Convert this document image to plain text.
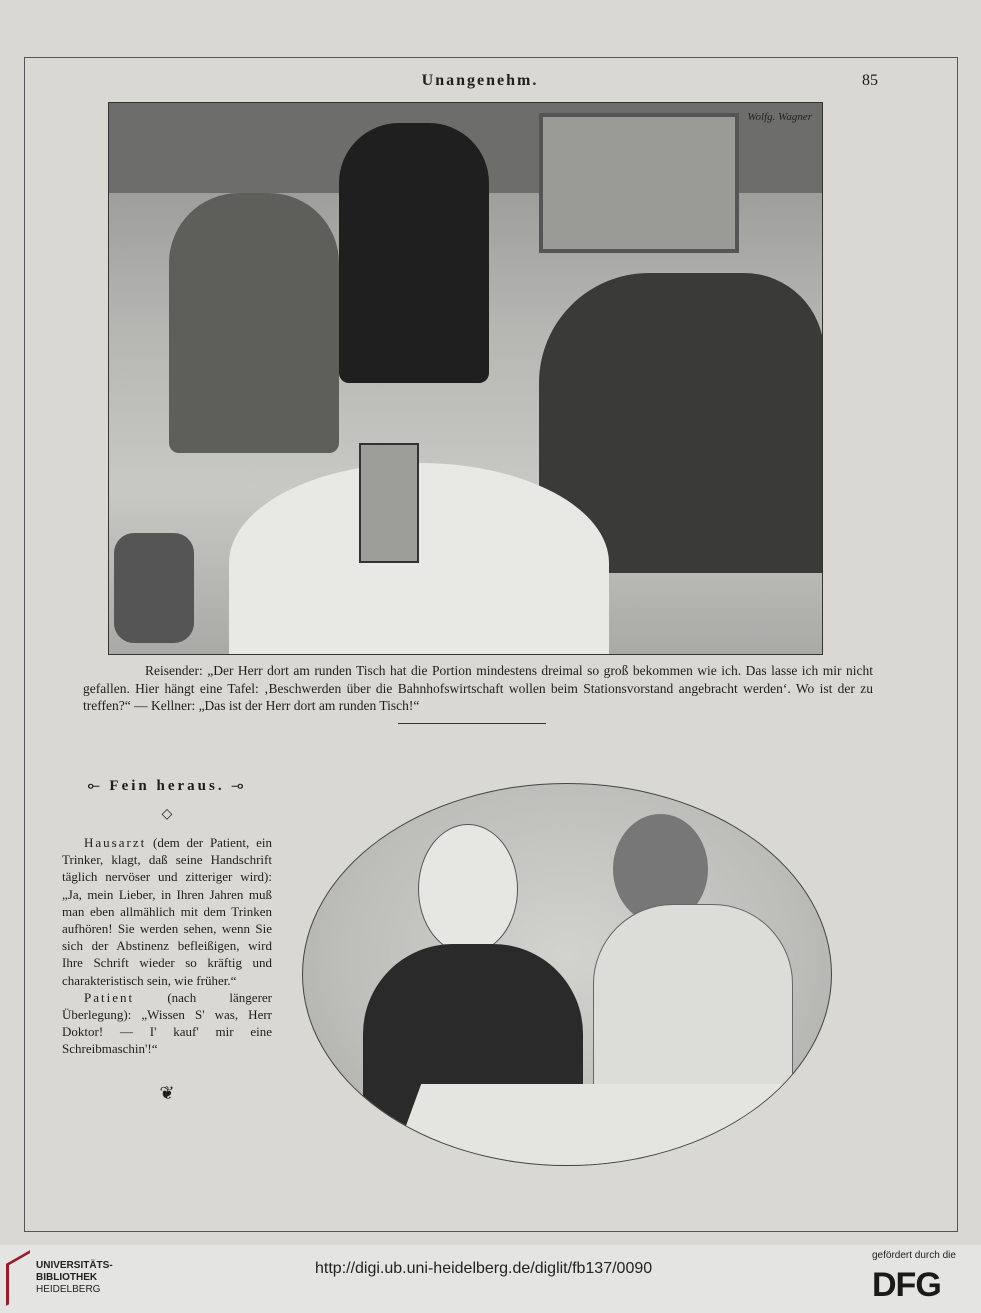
Unangenehm.	85
Wolfg. Wagner
Reisender: „Der Herr dort am runden Tisch hat die Portion mindestens dreimal so groß bekommen wie ich. Das lasse ich mir nicht gefallen. Hier hängt eine Tafel: ‚Beschwerden über die Bahnhofswirtschaft wollen beim Stationsvorstand angebracht werden‘. Wo ist der zu treffen?“ — Kellner: „Das ist der Herr dort am runden Tisch!“
⟜ Fein heraus. ⊸
◇

Hausarzt (dem der Patient, ein Trinker, klagt, daß seine Handschrift täglich nervöser und zitteriger wird): „Ja, mein Lieber, in Ihren Jahren muß man eben allmählich mit dem Trinken aufhören! Sie werden sehen, wenn Sie sich der Abstinenz befleißigen, wird Ihre Schrift wieder so kräftig und charakteristisch sein, wie früher.“

Patient (nach längerer Überlegung): „Wissen S' was, Herr Doktor! — I' kauf' mir eine Schreibmaschin'!“

❦
UNIVERSITÄTS-
BIBLIOTHEK
HEIDELBERG
http://digi.ub.uni-heidelberg.de/diglit/fb137/0090
gefördert durch die
DFG
